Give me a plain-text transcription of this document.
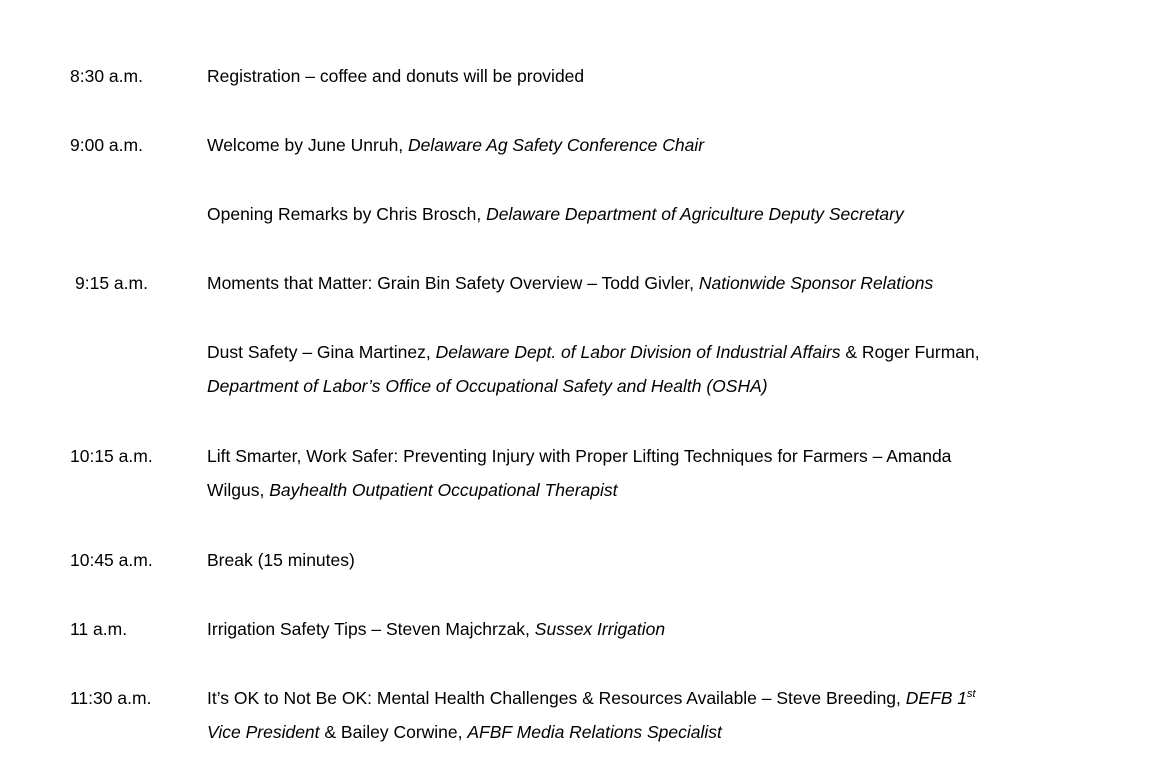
8:30 a.m.	Registration – coffee and donuts will be provided
9:00 a.m.	Welcome by June Unruh, Delaware Ag Safety Conference Chair
Opening Remarks by Chris Brosch, Delaware Department of Agriculture Deputy Secretary
9:15 a.m.	Moments that Matter: Grain Bin Safety Overview – Todd Givler, Nationwide Sponsor Relations
Dust Safety – Gina Martinez, Delaware Dept. of Labor Division of Industrial Affairs & Roger Furman,
Department of Labor’s Office of Occupational Safety and Health (OSHA)
10:15 a.m.	Lift Smarter, Work Safer: Preventing Injury with Proper Lifting Techniques for Farmers – Amanda
Wilgus, Bayhealth Outpatient Occupational Therapist
10:45 a.m.	Break (15 minutes)
11 a.m.	Irrigation Safety Tips – Steven Majchrzak, Sussex Irrigation
11:30 a.m.	It’s OK to Not Be OK: Mental Health Challenges & Resources Available – Steve Breeding, DEFB 1st
Vice President & Bailey Corwine, AFBF Media Relations Specialist
